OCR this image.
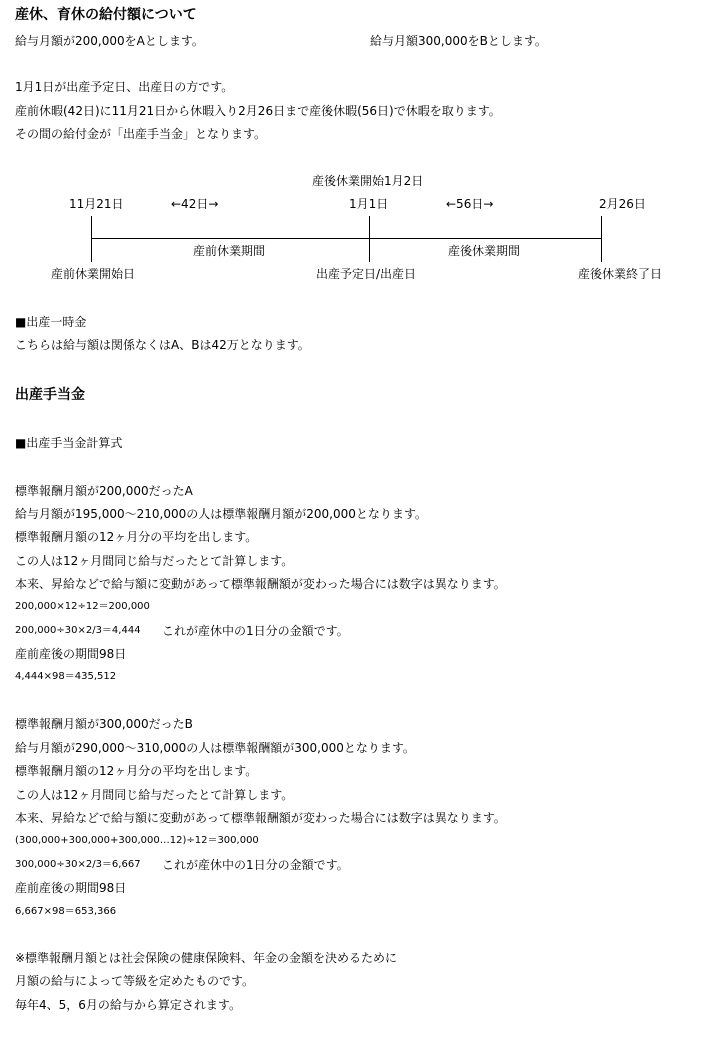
産休、育休の給付額について
給与月額が200,000をAとします。	給与月額300,000をBとします。
1月1日が出産予定日、出産日の方です。
産前休暇(42日)に11月21日から休暇入り2月26日まで産後休暇(56日)で休暇を取ります。
その間の給付金が「出産手当金」となります。
産後休業開始1月2日
11月21日	←42日→	1月1日	←56日→	2月26日
産前休業期間	産後休業期間
産前休業開始日	出産予定日/出産日	産後休業終了日
■出産一時金
こちらは給与額は関係なくはA、Bは42万となります。
出産手当金
■出産手当金計算式
標準報酬月額が200,000だったA
給与月額が195,000～210,000の人は標準報酬月額が200,000となります。
標準報酬月額の12ヶ月分の平均を出します。
この人は12ヶ月間同じ給与だったとて計算します。
本来、昇給などで給与額に変動があって標準報酬額が変わった場合には数字は異なります。
200,000×12÷12＝200,000
200,000÷30×2/3＝4,444 これが産休中の1日分の金額です。
産前産後の期間98日
4,444×98＝435,512
標準報酬月額が300,000だったB
給与月額が290,000～310,000の人は標準報酬額が300,000となります。
標準報酬月額の12ヶ月分の平均を出します。
この人は12ヶ月間同じ給与だったとて計算します。
本来、昇給などで給与額に変動があって標準報酬額が変わった場合には数字は異なります。
(300,000+300,000+300,000…12)÷12＝300,000
300,000÷30×2/3＝6,667 これが産休中の1日分の金額です。
産前産後の期間98日
6,667×98＝653,366
※標準報酬月額とは社会保険の健康保険料、年金の金額を決めるために
月額の給与によって等級を定めたものです。
毎年4、5，6月の給与から算定されます。
